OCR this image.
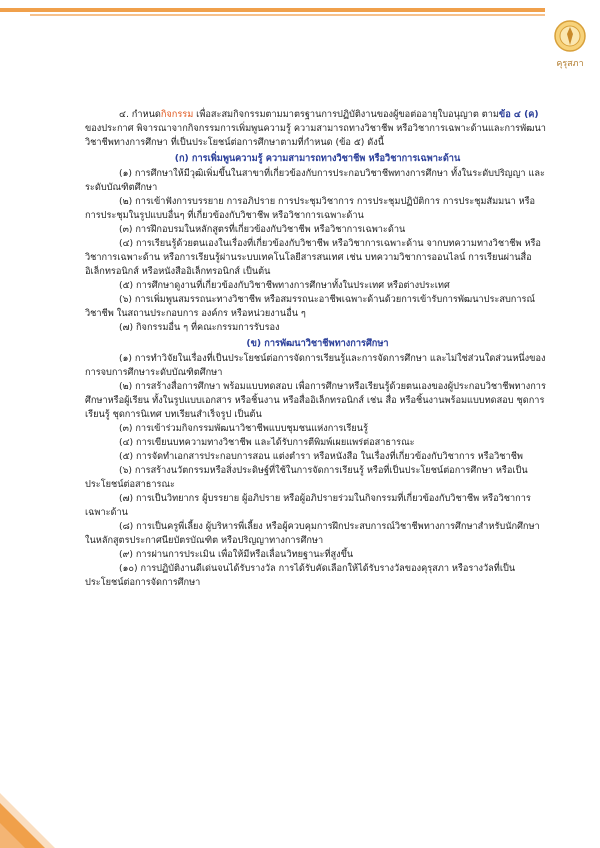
คุรุสภา

๔. กำหนดกิจกรรม เพื่อสะสมกิจกรรมตามมาตรฐานการปฏิบัติงานของผู้ขอต่ออายุใบอนุญาต ตามข้อ ๔ (ค) ของประกาศ พิจารณาจากกิจกรรมการเพิ่มพูนความรู้ ความสามารถทางวิชาชีพ หรือวิชาการเฉพาะด้านและการพัฒนาวิชาชีพทางการศึกษา ที่เป็นประโยชน์ต่อการศึกษาตามที่กำหนด (ข้อ ๕) ดังนี้

(ก) การเพิ่มพูนความรู้ ความสามารถทางวิชาชีพ หรือวิชาการเฉพาะด้าน

(๑) การศึกษาให้มีวุฒิเพิ่มขึ้นในสาขาที่เกี่ยวข้องกับการประกอบวิชาชีพทางการศึกษา ทั้งในระดับปริญญา และระดับบัณฑิตศึกษา

(๒) การเข้าฟังการบรรยาย การอภิปราย การประชุมวิชาการ การประชุมปฏิบัติการ การประชุมสัมมนา หรือการประชุมในรูปแบบอื่นๆ ที่เกี่ยวข้องกับวิชาชีพ หรือวิชาการเฉพาะด้าน

(๓) การฝึกอบรมในหลักสูตรที่เกี่ยวข้องกับวิชาชีพ หรือวิชาการเฉพาะด้าน

(๔) การเรียนรู้ด้วยตนเองในเรื่องที่เกี่ยวข้องกับวิชาชีพ หรือวิชาการเฉพาะด้าน จากบทความทางวิชาชีพ หรือวิชาการเฉพาะด้าน หรือการเรียนรู้ผ่านระบบเทคโนโลยีสารสนเทศ เช่น บทความวิชาการออนไลน์ การเรียนผ่านสื่ออิเล็กทรอนิกส์ หรือหนังสืออิเล็กทรอนิกส์ เป็นต้น

(๕) การศึกษาดูงานที่เกี่ยวข้องกับวิชาชีพทางการศึกษาทั้งในประเทศ หรือต่างประเทศ

(๖) การเพิ่มพูนสมรรถนะทางวิชาชีพ หรือสมรรถนะอาชีพเฉพาะด้านด้วยการเข้ารับการพัฒนาประสบการณ์วิชาชีพ ในสถานประกอบการ องค์กร หรือหน่วยงานอื่น ๆ

(๗) กิจกรรมอื่น ๆ ที่คณะกรรมการรับรอง

(ข) การพัฒนาวิชาชีพทางการศึกษา

(๑) การทำวิจัยในเรื่องที่เป็นประโยชน์ต่อการจัดการเรียนรู้และการจัดการศึกษา และไม่ใช่ส่วนใดส่วนหนึ่งของการจบการศึกษาระดับบัณฑิตศึกษา

(๒) การสร้างสื่อการศึกษา พร้อมแบบทดสอบ เพื่อการศึกษาหรือเรียนรู้ด้วยตนเองของผู้ประกอบวิชาชีพทางการศึกษาหรือผู้เรียน ทั้งในรูปแบบเอกสาร หรือชิ้นงาน หรือสื่ออิเล็กทรอนิกส์ เช่น สื่อ หรือชิ้นงานพร้อมแบบทดสอบ ชุดการเรียนรู้ ชุดการนิเทศ บทเรียนสำเร็จรูป เป็นต้น

(๓) การเข้าร่วมกิจกรรมพัฒนาวิชาชีพแบบชุมชนแห่งการเรียนรู้

(๔) การเขียนบทความทางวิชาชีพ และได้รับการตีพิมพ์เผยแพร่ต่อสาธารณะ

(๕) การจัดทำเอกสารประกอบการสอน แต่งตำรา หรือหนังสือ ในเรื่องที่เกี่ยวข้องกับวิชาการ หรือวิชาชีพ

(๖) การสร้างนวัตกรรมหรือสิ่งประดิษฐ์ที่ใช้ในการจัดการเรียนรู้ หรือที่เป็นประโยชน์ต่อการศึกษา หรือเป็นประโยชน์ต่อสาธารณะ

(๗) การเป็นวิทยากร ผู้บรรยาย ผู้อภิปราย หรือผู้อภิปรายร่วมในกิจกรรมที่เกี่ยวข้องกับวิชาชีพ หรือวิชาการเฉพาะด้าน

(๘) การเป็นครูพี่เลี้ยง ผู้บริหารพี่เลี้ยง หรือผู้ควบคุมการฝึกประสบการณ์วิชาชีพทางการศึกษาสำหรับนักศึกษาในหลักสูตรประกาศนียบัตรบัณฑิต หรือปริญญาทางการศึกษา

(๙) การผ่านการประเมิน เพื่อให้มีหรือเลื่อนวิทยฐานะที่สูงขึ้น

(๑๐) การปฏิบัติงานดีเด่นจนได้รับรางวัล การได้รับคัดเลือกให้ได้รับรางวัลของคุรุสภา หรือรางวัลที่เป็นประโยชน์ต่อการจัดการศึกษา
